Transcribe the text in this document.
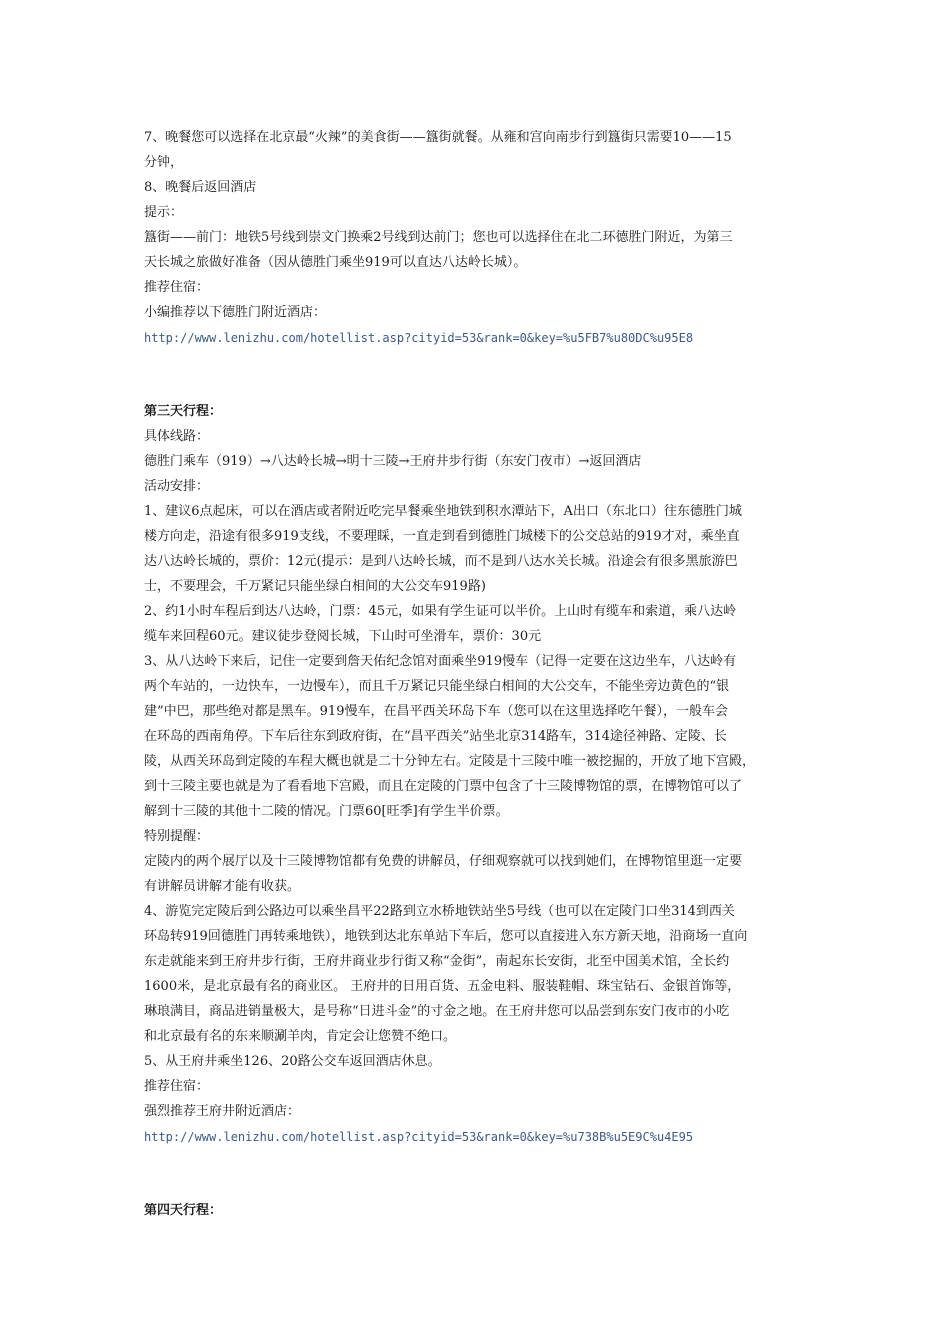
7、晚餐您可以选择在北京最“火辣”的美食街——簋街就餐。从雍和宫向南步行到簋街只需要10——15
分钟，
8、晚餐后返回酒店
提示：
簋街——前门：地铁5号线到崇文门换乘2号线到达前门；您也可以选择住在北二环德胜门附近，为第三
天长城之旅做好准备（因从德胜门乘坐919可以直达八达岭长城）。
推荐住宿：
小编推荐以下德胜门附近酒店：
http://www.lenizhu.com/hotellist.asp?cityid=53&rank=0&key=%u5FB7%u80DC%u95E8
第三天行程：
具体线路：
德胜门乘车（919）→八达岭长城→明十三陵→王府井步行街（东安门夜市）→返回酒店
活动安排：
1、建议6点起床，可以在酒店或者附近吃完早餐乘坐地铁到积水潭站下，A出口（东北口）往东德胜门城
楼方向走，沿途有很多919支线，不要理睬，一直走到看到德胜门城楼下的公交总站的919才对，乘坐直
达八达岭长城的，票价：12元(提示：是到八达岭长城，而不是到八达水关长城。沿途会有很多黑旅游巴
士，不要理会，千万紧记只能坐绿白相间的大公交车919路)
2、约1小时车程后到达八达岭，门票：45元，如果有学生证可以半价。上山时有缆车和索道，乘八达岭
缆车来回程60元。建议徒步登阅长城，下山时可坐滑车，票价：30元
3、从八达岭下来后，记住一定要到詹天佑纪念馆对面乘坐919慢车（记得一定要在这边坐车，八达岭有
两个车站的，一边快车，一边慢车），而且千万紧记只能坐绿白相间的大公交车，不能坐旁边黄色的“银
建”中巴，那些绝对都是黑车。919慢车，在昌平西关环岛下车（您可以在这里选择吃午餐），一般车会
在环岛的西南角停。下车后往东到政府街，在“昌平西关”站坐北京314路车，314途径神路、定陵、长
陵，从西关环岛到定陵的车程大概也就是二十分钟左右。定陵是十三陵中唯一被挖掘的，开放了地下宫殿，
到十三陵主要也就是为了看看地下宫殿，而且在定陵的门票中包含了十三陵博物馆的票，在博物馆可以了
解到十三陵的其他十二陵的情况。门票60[旺季]有学生半价票。
特别提醒：
定陵内的两个展厅以及十三陵博物馆都有免费的讲解员，仔细观察就可以找到她们，在博物馆里逛一定要
有讲解员讲解才能有收获。
4、游览完定陵后到公路边可以乘坐昌平22路到立水桥地铁站坐5号线（也可以在定陵门口坐314到西关
环岛转919回德胜门再转乘地铁），地铁到达北东单站下车后，您可以直接进入东方新天地，沿商场一直向
东走就能来到王府井步行街，王府井商业步行街又称“金街”，南起东长安街，北至中国美术馆，全长约
1600米，是北京最有名的商业区。 王府井的日用百货、五金电料、服装鞋帽、珠宝钻石、金银首饰等，
琳琅满目，商品进销量极大，是号称“日进斗金”的寸金之地。在王府井您可以品尝到东安门夜市的小吃
和北京最有名的东来顺涮羊肉，肯定会让您赞不绝口。
5、从王府井乘坐126、20路公交车返回酒店休息。
推荐住宿：
强烈推荐王府井附近酒店：
http://www.lenizhu.com/hotellist.asp?cityid=53&rank=0&key=%u738B%u5E9C%u4E95
第四天行程：
